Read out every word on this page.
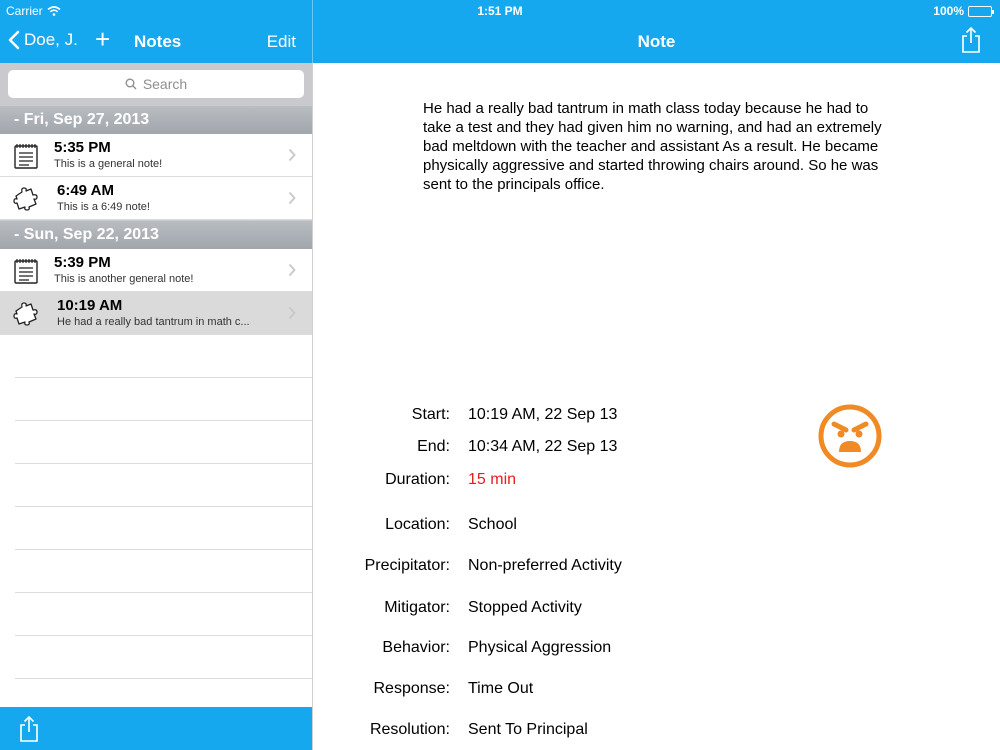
Carrier	1:51 PM	100%
Doe, J. + Notes	Edit	Note
Search
- Fri, Sep 27, 2013
5:35 PM
This is a general note!
6:49 AM
This is a 6:49 note!
- Sun, Sep 22, 2013
5:39 PM
This is another general note!
10:19 AM
He had a really bad tantrum in math c...
He had a really bad tantrum in math class today because he had to take a test and they had given him no warning, and had an extremely bad meltdown with the teacher and assistant As a result. He became physically aggressive and started throwing chairs around. So he was sent to the principals office.
Start: 10:19 AM, 22 Sep 13
End: 10:34 AM, 22 Sep 13
Duration: 15 min
Location: School
Precipitator: Non-preferred Activity
Mitigator: Stopped Activity
Behavior: Physical Aggression
Response: Time Out
Resolution: Sent To Principal
